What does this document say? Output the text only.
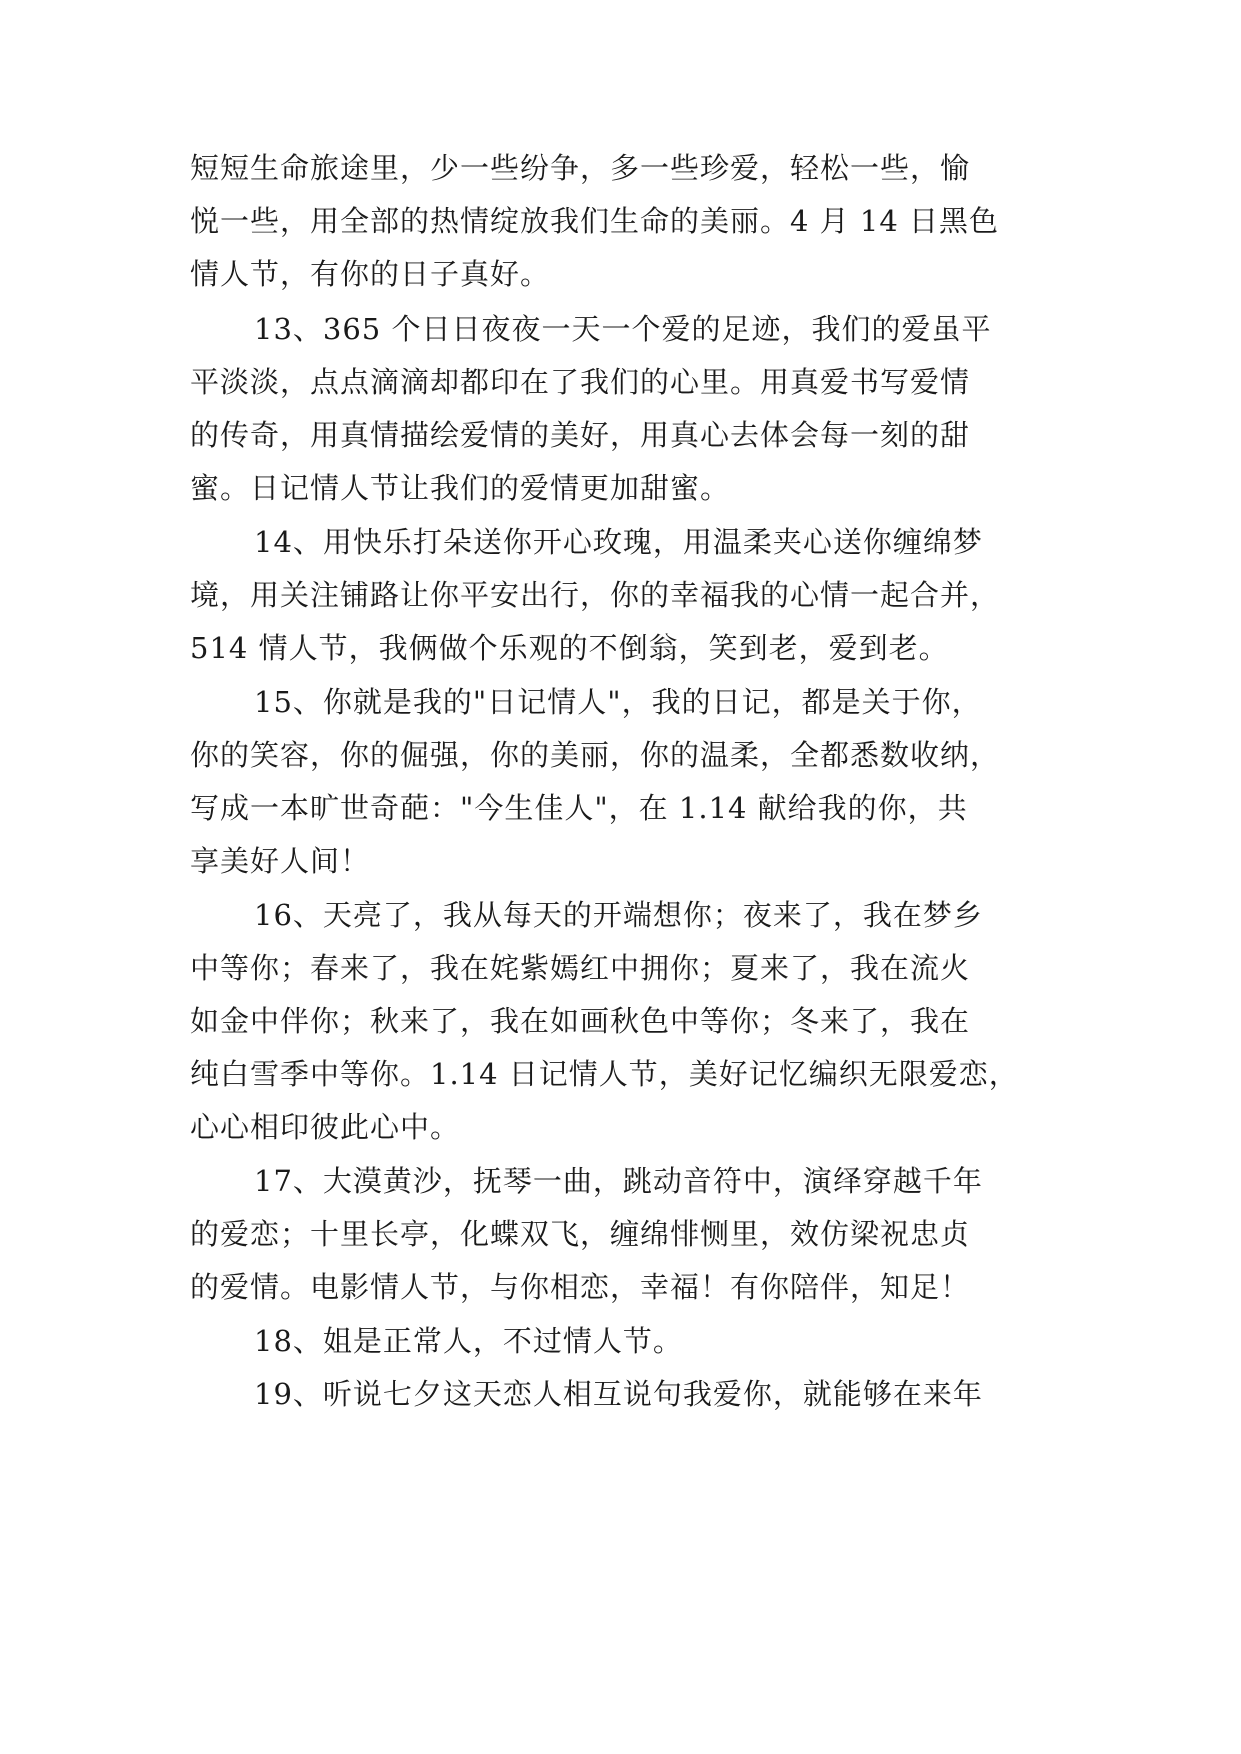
短短生命旅途里，少一些纷争，多一些珍爱，轻松一些，愉
悦一些，用全部的热情绽放我们生命的美丽。4 月 14 日黑色
情人节，有你的日子真好。
13、365 个日日夜夜一天一个爱的足迹，我们的爱虽平
平淡淡，点点滴滴却都印在了我们的心里。用真爱书写爱情
的传奇，用真情描绘爱情的美好，用真心去体会每一刻的甜
蜜。日记情人节让我们的爱情更加甜蜜。
14、用快乐打朵送你开心玫瑰，用温柔夹心送你缠绵梦
境，用关注铺路让你平安出行，你的幸福我的心情一起合并，
514 情人节，我俩做个乐观的不倒翁，笑到老，爱到老。
15、你就是我的"日记情人"，我的日记，都是关于你，
你的笑容，你的倔强，你的美丽，你的温柔，全都悉数收纳，
写成一本旷世奇葩："今生佳人"，在 1.14 献给我的你，共
享美好人间！
16、天亮了，我从每天的开端想你；夜来了，我在梦乡
中等你；春来了，我在姹紫嫣红中拥你；夏来了，我在流火
如金中伴你；秋来了，我在如画秋色中等你；冬来了，我在
纯白雪季中等你。1.14 日记情人节，美好记忆编织无限爱恋，
心心相印彼此心中。
17、大漠黄沙，抚琴一曲，跳动音符中，演绎穿越千年
的爱恋；十里长亭，化蝶双飞，缠绵悱恻里，效仿梁祝忠贞
的爱情。电影情人节，与你相恋，幸福！有你陪伴，知足！
18、姐是正常人，不过情人节。
19、听说七夕这天恋人相互说句我爱你，就能够在来年
